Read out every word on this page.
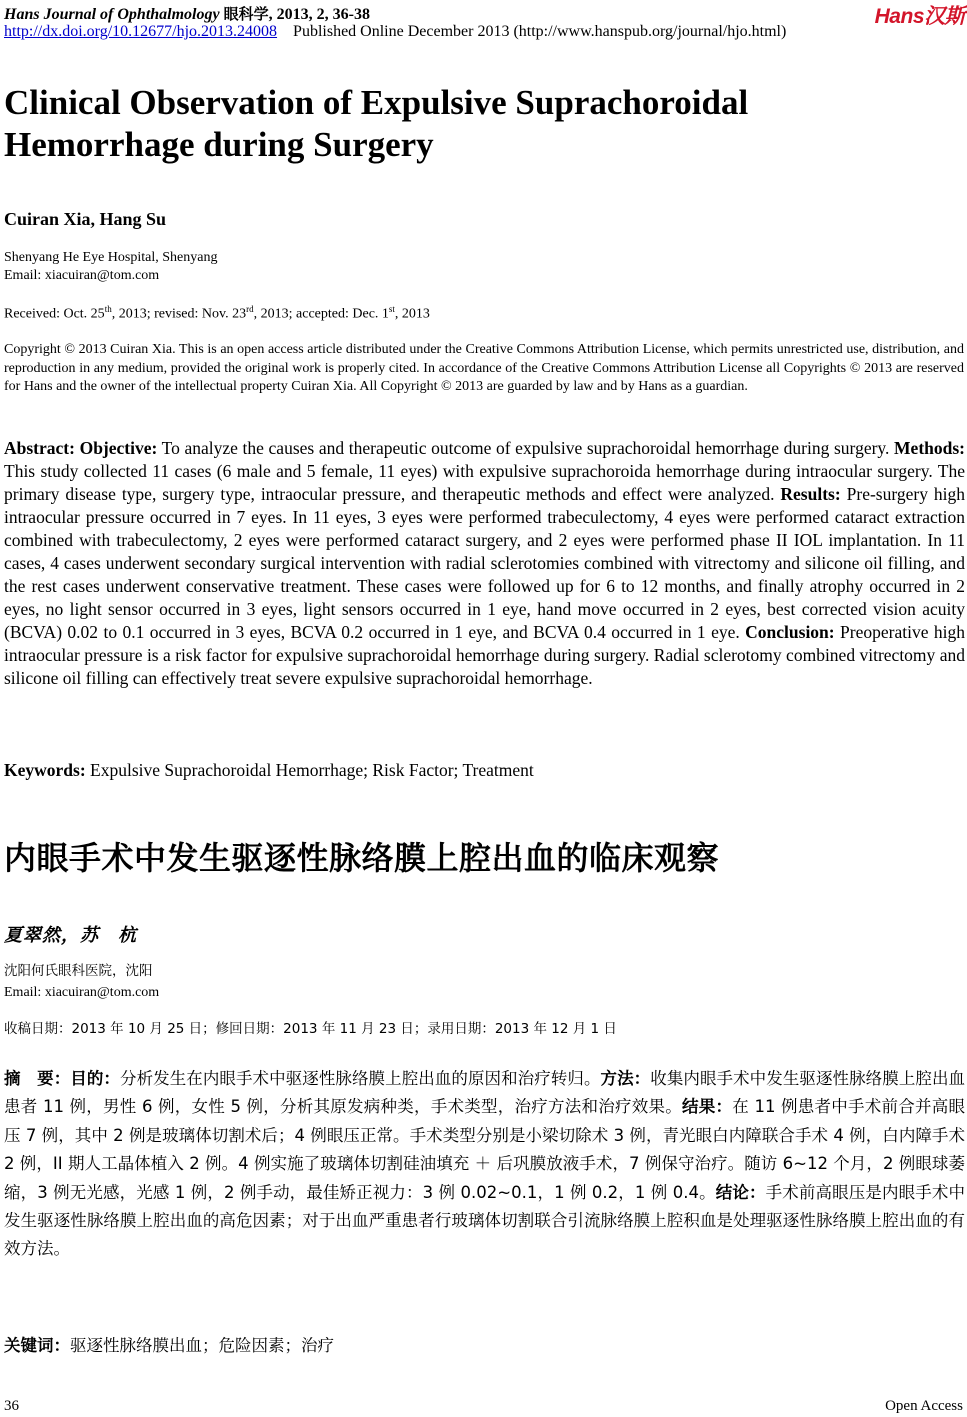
Hans Journal of Ophthalmology 眼科学, 2013, 2, 36-38
http://dx.doi.org/10.12677/hjo.2013.24008 Published Online December 2013 (http://www.hanspub.org/journal/hjo.html)
Hans汉斯
Clinical Observation of Expulsive Suprachoroidal
Hemorrhage during Surgery
Cuiran Xia, Hang Su
Shenyang He Eye Hospital, Shenyang
Email: xiacuiran@tom.com
Received: Oct. 25th, 2013; revised: Nov. 23rd, 2013; accepted: Dec. 1st, 2013
Copyright © 2013 Cuiran Xia. This is an open access article distributed under the Creative Commons Attribution License, which permits unrestricted use, distribution, and reproduction in any medium, provided the original work is properly cited. In accordance of the Creative Commons Attribution License all Copyrights © 2013 are reserved for Hans and the owner of the intellectual property Cuiran Xia. All Copyright © 2013 are guarded by law and by Hans as a guardian.
Abstract: Objective: To analyze the causes and therapeutic outcome of expulsive suprachoroidal hemorrhage during surgery. Methods: This study collected 11 cases (6 male and 5 female, 11 eyes) with expulsive suprachoroida hemorrhage during intraocular surgery. The primary disease type, surgery type, intraocular pressure, and therapeutic methods and effect were analyzed. Results: Pre-surgery high intraocular pressure occurred in 7 eyes. In 11 eyes, 3 eyes were performed trabeculectomy, 4 eyes were performed cataract extraction combined with trabeculectomy, 2 eyes were performed cataract surgery, and 2 eyes were performed phase II IOL implantation. In 11 cases, 4 cases underwent secondary surgical intervention with radial sclerotomies combined with vitrectomy and silicone oil filling, and the rest cases underwent conservative treatment. These cases were followed up for 6 to 12 months, and finally atrophy occurred in 2 eyes, no light sensor occurred in 3 eyes, light sensors occurred in 1 eye, hand move occurred in 2 eyes, best corrected vision acuity (BCVA) 0.02 to 0.1 occurred in 3 eyes, BCVA 0.2 occurred in 1 eye, and BCVA 0.4 occurred in 1 eye. Conclusion: Preoperative high intraocular pressure is a risk factor for expulsive suprachoroidal hemorrhage during surgery. Radial sclerotomy combined vitrectomy and silicone oil filling can effectively treat severe expulsive suprachoroidal hemorrhage.
Keywords: Expulsive Suprachoroidal Hemorrhage; Risk Factor; Treatment
内眼手术中发生驱逐性脉络膜上腔出血的临床观察
夏翠然，苏　杭
沈阳何氏眼科医院，沈阳
Email: xiacuiran@tom.com
收稿日期：2013 年 10 月 25 日；修回日期：2013 年 11 月 23 日；录用日期：2013 年 12 月 1 日
摘　要：目的：分析发生在内眼手术中驱逐性脉络膜上腔出血的原因和治疗转归。方法：收集内眼手术中发生驱逐性脉络膜上腔出血患者 11 例，男性 6 例，女性 5 例，分析其原发病种类，手术类型，治疗方法和治疗效果。结果：在 11 例患者中手术前合并高眼压 7 例，其中 2 例是玻璃体切割术后；4 例眼压正常。手术类型分别是小梁切除术 3 例，青光眼白内障联合手术 4 例，白内障手术 2 例，II 期人工晶体植入 2 例。4 例实施了玻璃体切割硅油填充 ＋ 后巩膜放液手术，7 例保守治疗。随访 6~12 个月，2 例眼球萎缩，3 例无光感，光感 1 例，2 例手动，最佳矫正视力：3 例 0.02~0.1，1 例 0.2，1 例 0.4。结论：手术前高眼压是内眼手术中发生驱逐性脉络膜上腔出血的高危因素；对于出血严重患者行玻璃体切割联合引流脉络膜上腔积血是处理驱逐性脉络膜上腔出血的有效方法。
关键词：驱逐性脉络膜出血；危险因素；治疗
36	Open Access
